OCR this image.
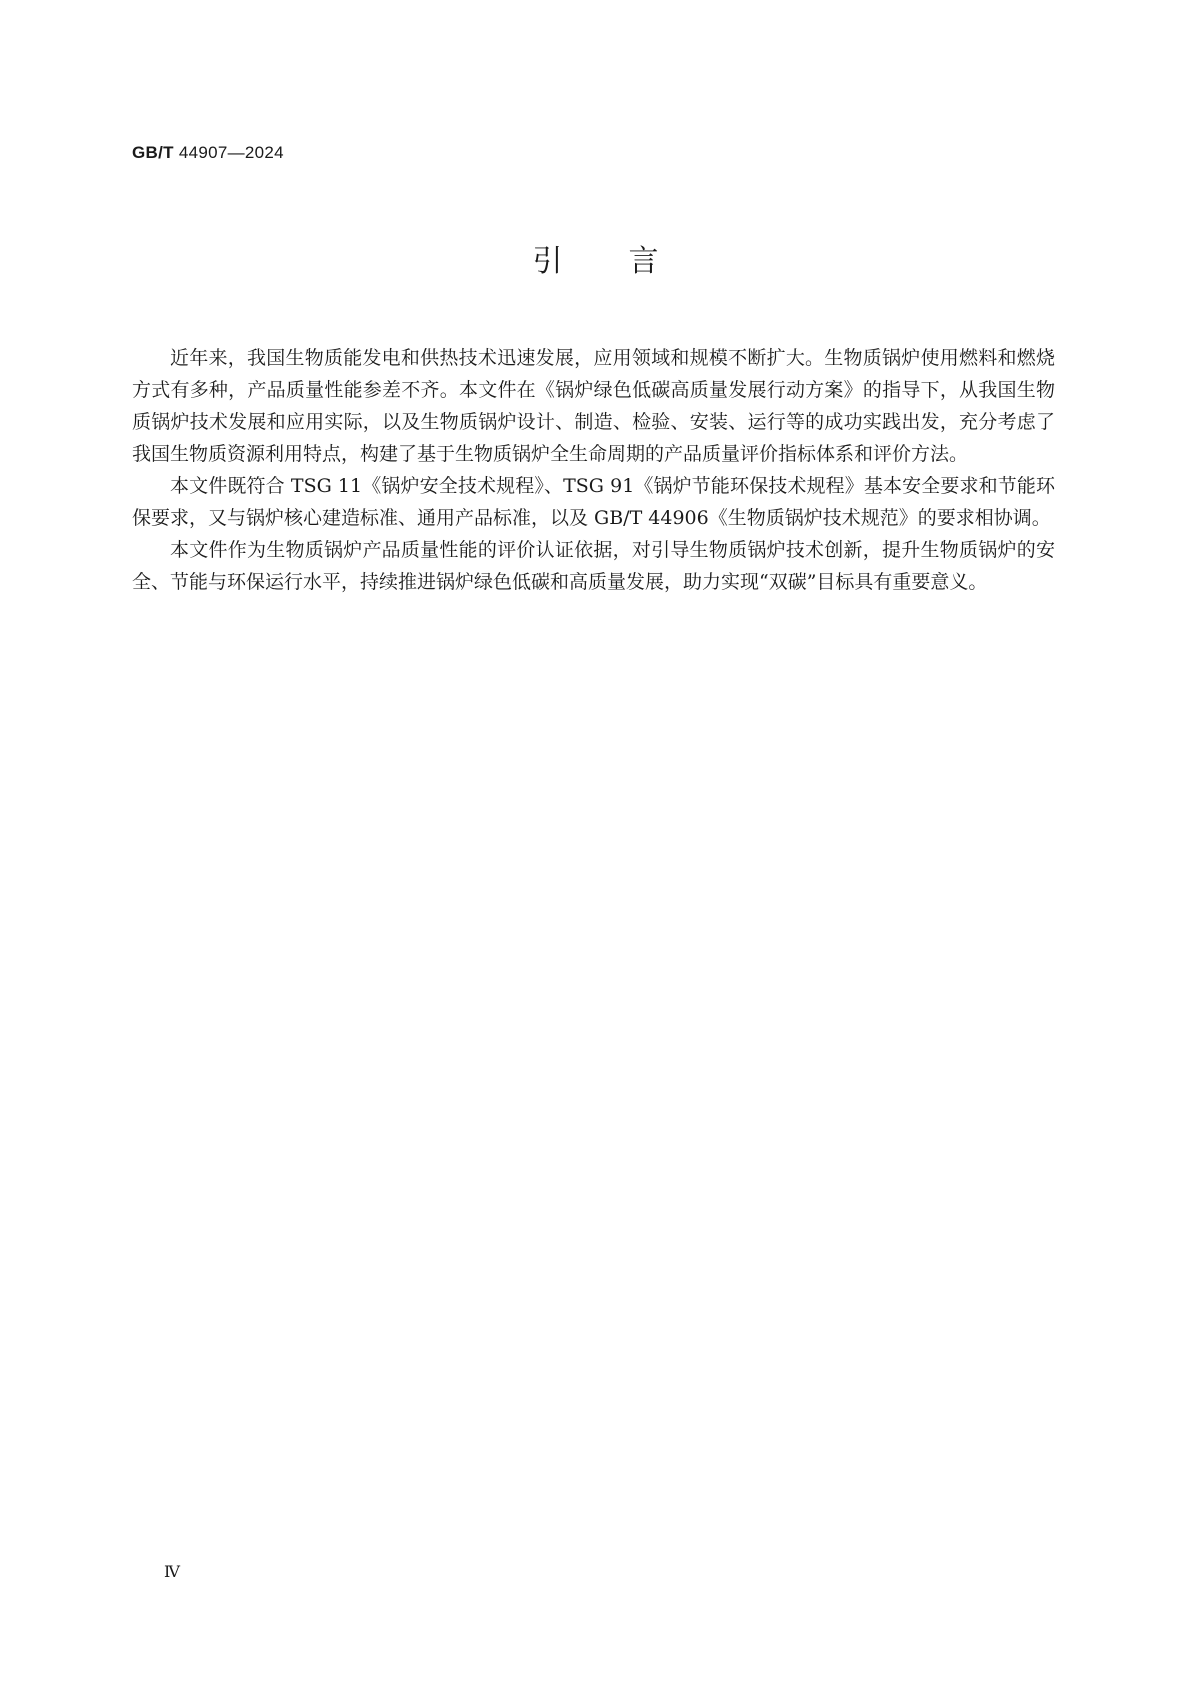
GB/T 44907—2024
引言

近年来，我国生物质能发电和供热技术迅速发展，应用领域和规模不断扩大。生物质锅炉使用燃料和燃烧方式有多种，产品质量性能参差不齐。本文件在《锅炉绿色低碳高质量发展行动方案》的指导下，从我国生物质锅炉技术发展和应用实际，以及生物质锅炉设计、制造、检验、安装、运行等的成功实践出发，充分考虑了我国生物质资源利用特点，构建了基于生物质锅炉全生命周期的产品质量评价指标体系和评价方法。

本文件既符合 TSG 11《锅炉安全技术规程》、TSG 91《锅炉节能环保技术规程》基本安全要求和节能环保要求，又与锅炉核心建造标准、通用产品标准，以及 GB/T 44906《生物质锅炉技术规范》的要求相协调。

本文件作为生物质锅炉产品质量性能的评价认证依据，对引导生物质锅炉技术创新，提升生物质锅炉的安全、节能与环保运行水平，持续推进锅炉绿色低碳和高质量发展，助力实现“双碳”目标具有重要意义。

Ⅳ
